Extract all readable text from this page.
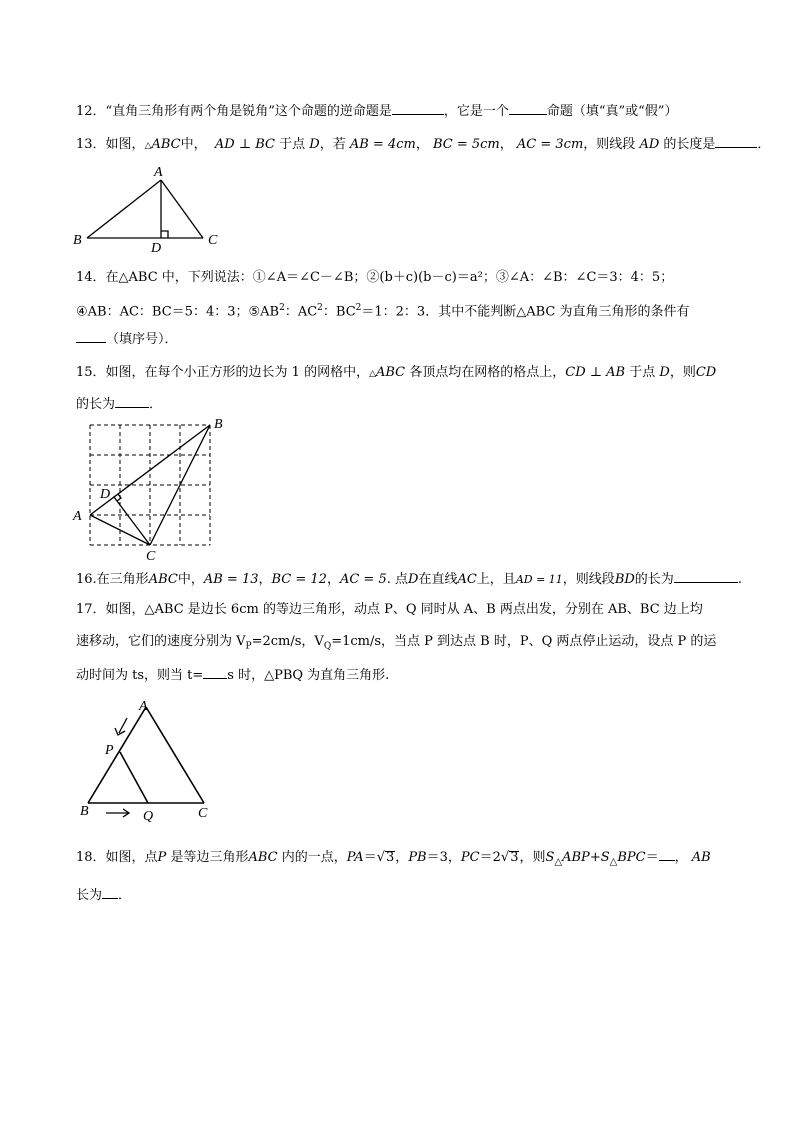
12．“直角三角形有两个角是锐角”这个命题的逆命题是	，它是一个	命题（填“真”或“假”）
13．如图，△ABC中， AD ⊥ BC 于点 D，若 AB = 4cm， BC = 5cm， AC = 3cm，则线段 AD 的长度是	．
A
B	C
D
14．在△ABC 中，下列说法：①∠A＝∠C－∠B；②(b＋c)(b－c)＝a²；③∠A：∠B：∠C＝3：4：5；
④AB：AC：BC＝5：4：3；$⑤AB^2$：$AC^2$：$BC^2=1$：2：3．其中不能判断△ABC 为直角三角形的条件有
（填序号）．
15．如图，在每个小正方形的边长为 1 的网格中，△ABC 各顶点均在网格的格点上，CD ⊥ AB 于点 D，则CD
的长为	．
A
B
C
D
16.在三角形ABC中，AB = 13，BC = 12，AC = 5. 点D在直线AC上，且AD = 11，则线段BD的长为	.
17．如图，△ABC 是边长 6cm 的等边三角形，动点 P、Q 同时从 A、B 两点出发，分别在 AB、BC 边上均
速移动，它们的速度分别为 $V_P=2cm/s$，$V_Q=1cm/s$，当点 P 到达点 B 时，P、Q 两点停止运动，设点 P 的运
动时间为 ts，则当 t= s 时，△PBQ 为直角三角形.
A
B	C
P
Q
18．如图，点P 是等边三角形ABC 内的一点，PA＝√3，PB＝3，PC＝2√3，则$S_\triangle ABP+S_\triangle BPC=$ ， AB
长为 ．
